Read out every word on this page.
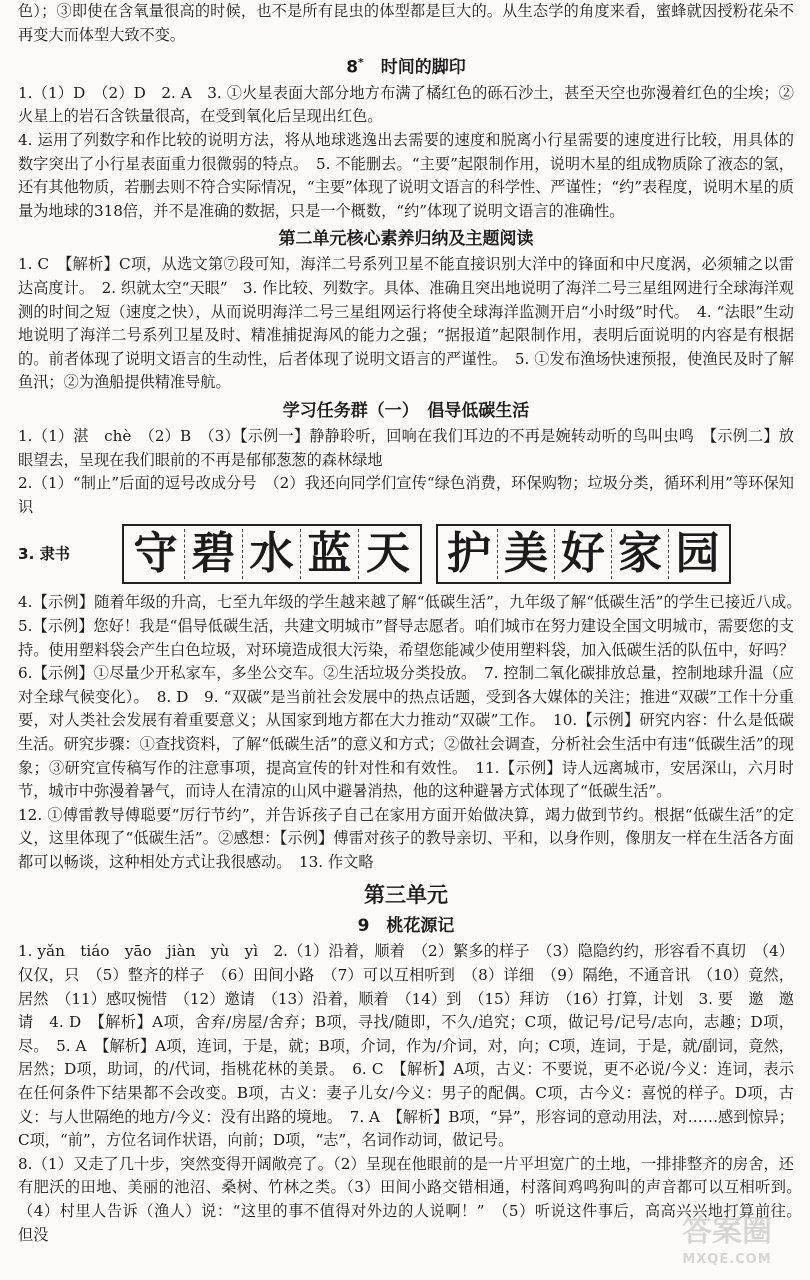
色）；③即使在含氧量很高的时候，也不是所有昆虫的体型都是巨大的。从生态学的角度来看，蜜蜂就因授粉花朵不再变大而体型大致不变。

8*　 时间的脚印

1.（1）D　（2）D　2. A　3. ①火星表面大部分地方布满了橘红色的砾石沙土，甚至天空也弥漫着红色的尘埃；②火星上的岩石含铁量很高，在受到氧化后呈现出红色。

4. 运用了列数字和作比较的说明方法，将从地球逃逸出去需要的速度和脱离小行星需要的速度进行比较，用具体的数字突出了小行星表面重力很微弱的特点。　5. 不能删去。“主要”起限制作用，说明木星的组成物质除了液态的氢，还有其他物质，若删去则不符合实际情况，“主要”体现了说明文语言的科学性、严谨性；“约”表程度，说明木星的质量为地球的318倍，并不是准确的数据，只是一个概数，“约”体现了说明文语言的准确性。

第二单元核心素养归纳及主题阅读

1. C　【解析】C项，从选文第⑦段可知，海洋二号系列卫星不能直接识别大洋中的锋面和中尺度涡，必须辅之以雷达高度计。　2. 织就太空“天眼”　3. 作比较、列数字。具体、准确且突出地说明了海洋二号三星组网进行全球海洋观测的时间之短（速度之快），从而说明海洋二号三星组网运行将使全球海洋监测开启“小时级”时代。　4. “法眼”生动地说明了海洋二号系列卫星及时、精准捕捉海风的能力之强；“据报道”起限制作用，表明后面说明的内容是有根据的。前者体现了说明文语言的生动性，后者体现了说明文语言的严谨性。　5. ①发布渔场快速预报，使渔民及时了解鱼汛；②为渔船提供精准导航。

学习任务群（一）　倡导低碳生活

1.（1）湛　chè　（2）B　（3）【示例一】静静聆听，回响在我们耳边的不再是婉转动听的鸟叫虫鸣　【示例二】放眼望去，呈现在我们眼前的不再是郁郁葱葱的森林绿地

2.（1）“制止”后面的逗号改成分号　（2）我还向同学们宣传“绿色消费，环保购物；垃圾分类，循环利用”等环保知识

3. 隶书	守 碧 水 蓝 天 护 美 好 家 园

4.【示例】随着年级的升高，七至九年级的学生越来越了解“低碳生活”，九年级了解“低碳生活”的学生已接近八成。　5.【示例】您好！我是“倡导低碳生活，共建文明城市”督导志愿者。咱们城市在努力建设全国文明城市，需要您的支持。使用塑料袋会产生白色垃圾，对环境造成很大污染，希望您能减少使用塑料袋，加入低碳生活的队伍中，好吗？　6.【示例】①尽量少开私家车，多坐公交车。②生活垃圾分类投放。　7. 控制二氧化碳排放总量，控制地球升温（应对全球气候变化）。　8. D　9. “双碳”是当前社会发展中的热点话题，受到各大媒体的关注；推进“双碳”工作十分重要，对人类社会发展有着重要意义；从国家到地方都在大力推动“双碳”工作。　10.【示例】研究内容：什么是低碳生活。研究步骤：①查找资料，了解“低碳生活”的意义和方式；②做社会调查，分析社会生活中有违“低碳生活”的现象；③研究宣传稿写作的注意事项，提高宣传的针对性和有效性。　11.【示例】诗人远离城市，安居深山，六月时节，城市中弥漫着暑气，而诗人在清凉的山风中避暑消热，他的这种避暑方式体现了“低碳生活”。

12. ①傅雷教导傅聪要“厉行节约”，并告诉孩子自己在家用方面开始做决算，竭力做到节约。根据“低碳生活”的定义，这里体现了“低碳生活”。②感想：【示例】傅雷对孩子的教导亲切、平和，以身作则，像朋友一样在生活各方面都可以畅谈，这种相处方式让我很感动。　13. 作文略

第三单元
9　 桃花源记

1. yǎn　tiáo　yāo　jiàn　yù　yì　2.（1）沿着，顺着　（2）繁多的样子　（3）隐隐约约，形容看不真切　（4）仅仅，只　（5）整齐的样子　（6）田间小路　（7）可以互相听到　（8）详细　（9）隔绝，不通音讯　（10）竟然，居然　（11）感叹惋惜　（12）邀请　（13）沿着，顺着　（14）到　（15）拜访　（16）打算，计划　3. 要　邀　邀请　4. D　【解析】A项，舍弃/房屋/舍弃；B项，寻找/随即，不久/追究；C项，做记号/记号/志向，志趣；D项，尽。　5. A　【解析】A项，连词，于是，就；B项，介词，作为/介词，对，向；C项，连词，于是，就/副词，竟然，居然；D项，助词，的/代词，指桃花林的美景。　6. C　【解析】A项，古义：不要说，更不必说/今义：连词，表示在任何条件下结果都不会改变。B项，古义：妻子儿女/今义：男子的配偶。C项，古今义：喜悦的样子。D项，古义：与人世隔绝的地方/今义：没有出路的境地。　7. A　【解析】B项，“异”，形容词的意动用法，对……感到惊异；C项，“前”，方位名词作状语，向前；D项，“志”，名词作动词，做记号。

8.（1）又走了几十步，突然变得开阔敞亮了。（2）呈现在他眼前的是一片平坦宽广的土地，一排排整齐的房舍，还有肥沃的田地、美丽的池沼、桑树、竹林之类。（3）田间小路交错相通，村落间鸡鸣狗叫的声音都可以互相听到。　（4）村里人告诉（渔人）说：“这里的事不值得对外边的人说啊！”　（5）听说这件事后，高高兴兴地打算前往。　但没	答案圈
MXQE.COM
